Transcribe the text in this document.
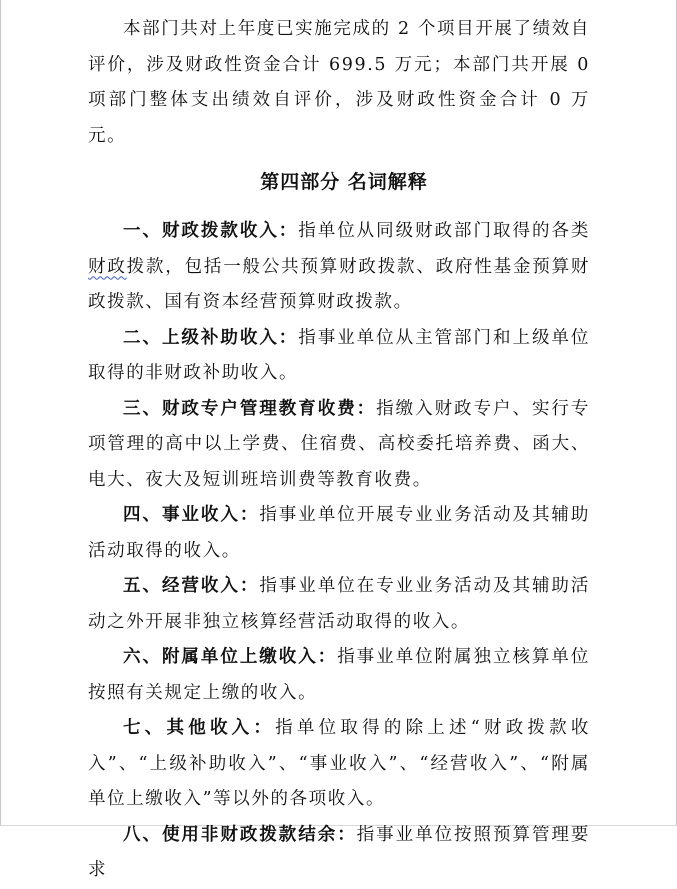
本部门共对上年度已实施完成的 2 个项目开展了绩效自评价，涉及财政性资金合计 699.5 万元；本部门共开展 0 项部门整体支出绩效自评价，涉及财政性资金合计 0 万元。

第四部分 名词解释

一、财政拨款收入：指单位从同级财政部门取得的各类财政拨款，包括一般公共预算财政拨款、政府性基金预算财政拨款、国有资本经营预算财政拨款。

二、上级补助收入：指事业单位从主管部门和上级单位取得的非财政补助收入。

三、财政专户管理教育收费：指缴入财政专户、实行专项管理的高中以上学费、住宿费、高校委托培养费、函大、电大、夜大及短训班培训费等教育收费。

四、事业收入：指事业单位开展专业业务活动及其辅助活动取得的收入。

五、经营收入：指事业单位在专业业务活动及其辅助活动之外开展非独立核算经营活动取得的收入。

六、附属单位上缴收入：指事业单位附属独立核算单位按照有关规定上缴的收入。

七、其他收入：指单位取得的除上述“财政拨款收入”、“上级补助收入”、“事业收入”、“经营收入”、“附属单位上缴收入”等以外的各项收入。

八、使用非财政拨款结余：指事业单位按照预算管理要求
